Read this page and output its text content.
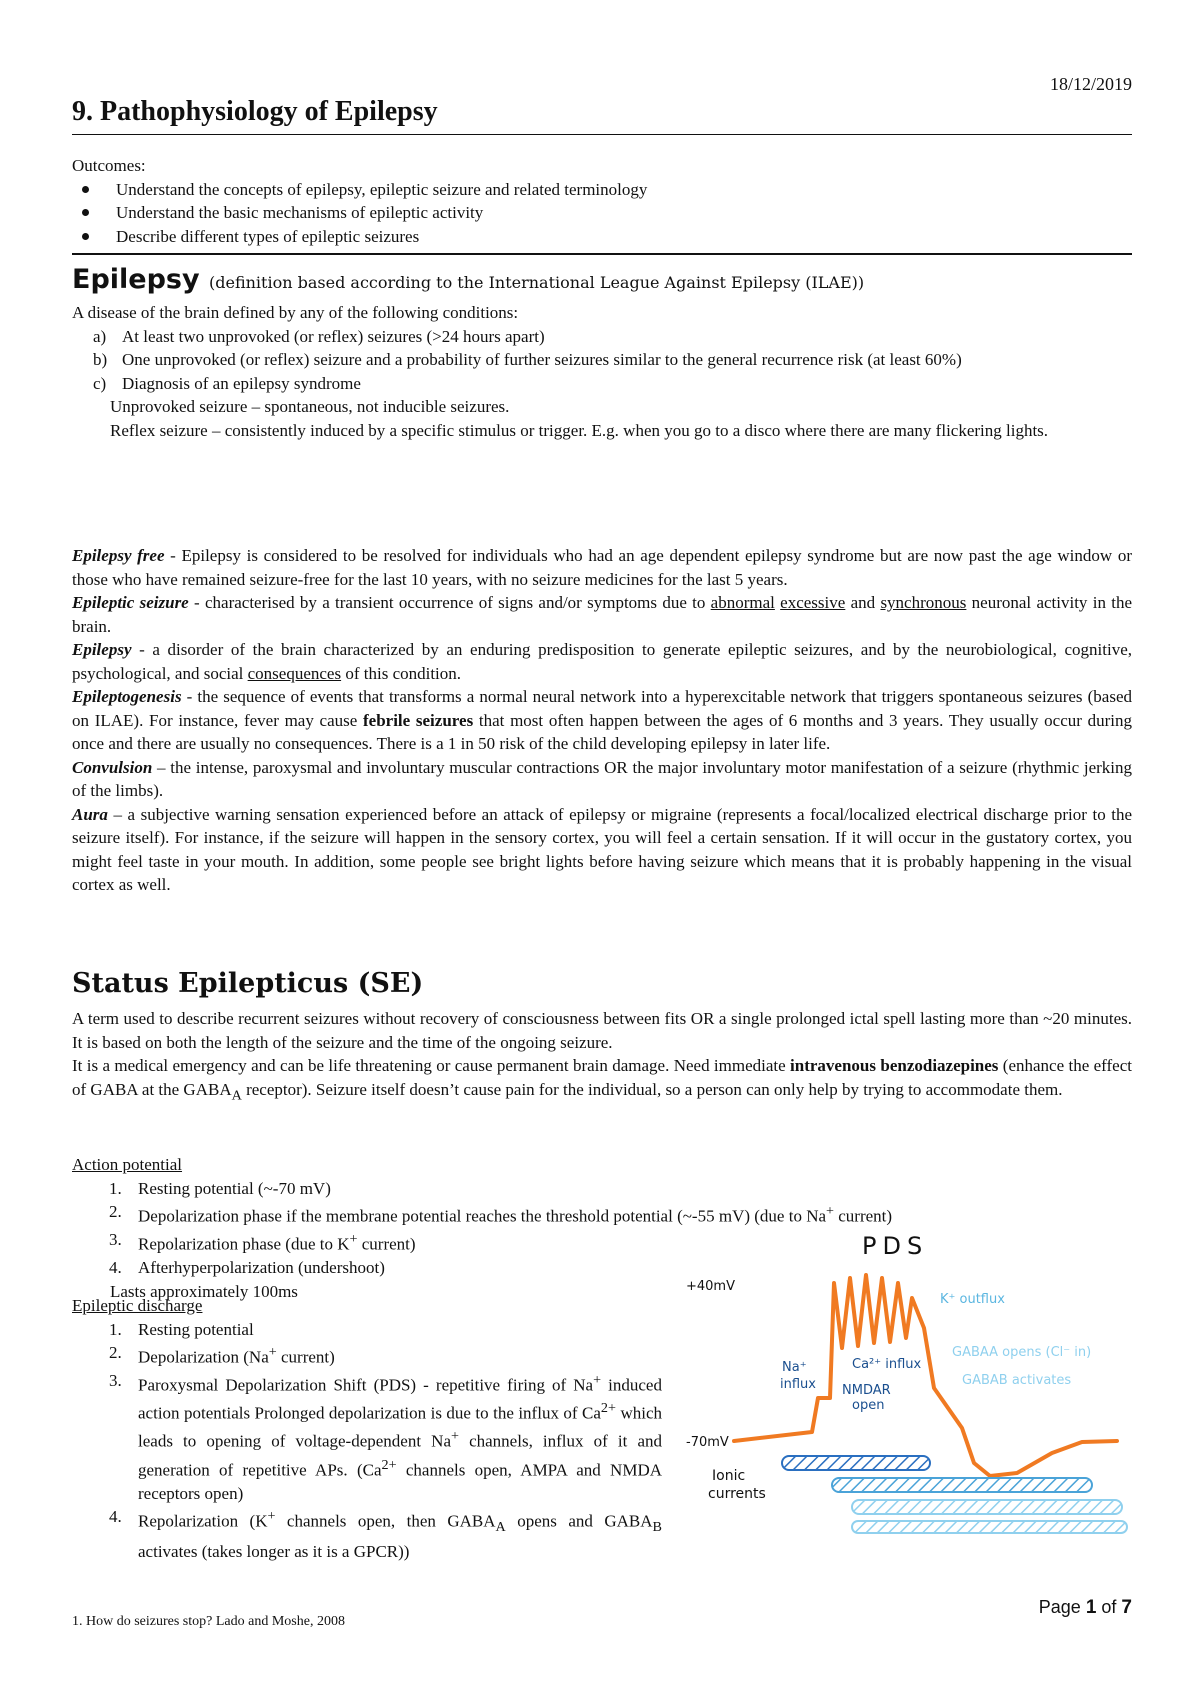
18/12/2019
9. Pathophysiology of Epilepsy
Outcomes:
Understand the concepts of epilepsy, epileptic seizure and related terminology
Understand the basic mechanisms of epileptic activity
Describe different types of epileptic seizures
Epilepsy (definition based according to the International League Against Epilepsy (ILAE))
A disease of the brain defined by any of the following conditions:
a) At least two unprovoked (or reflex) seizures (>24 hours apart)
b) One unprovoked (or reflex) seizure and a probability of further seizures similar to the general recurrence risk (at least 60%)
c) Diagnosis of an epilepsy syndrome
Unprovoked seizure – spontaneous, not inducible seizures.
Reflex seizure – consistently induced by a specific stimulus or trigger. E.g. when you go to a disco where there are many flickering lights.
Epilepsy free - Epilepsy is considered to be resolved for individuals who had an age dependent epilepsy syndrome but are now past the age window or those who have remained seizure-free for the last 10 years, with no seizure medicines for the last 5 years.
Epileptic seizure - characterised by a transient occurrence of signs and/or symptoms due to abnormal excessive and synchronous neuronal activity in the brain.
Epilepsy - a disorder of the brain characterized by an enduring predisposition to generate epileptic seizures, and by the neurobiological, cognitive, psychological, and social consequences of this condition.
Epileptogenesis - the sequence of events that transforms a normal neural network into a hyperexcitable network that triggers spontaneous seizures (based on ILAE). For instance, fever may cause febrile seizures that most often happen between the ages of 6 months and 3 years. They usually occur during once and there are usually no consequences. There is a 1 in 50 risk of the child developing epilepsy in later life.
Convulsion – the intense, paroxysmal and involuntary muscular contractions OR the major involuntary motor manifestation of a seizure (rhythmic jerking of the limbs).
Aura – a subjective warning sensation experienced before an attack of epilepsy or migraine (represents a focal/localized electrical discharge prior to the seizure itself). For instance, if the seizure will happen in the sensory cortex, you will feel a certain sensation. If it will occur in the gustatory cortex, you might feel taste in your mouth. In addition, some people see bright lights before having seizure which means that it is probably happening in the visual cortex as well.
Status Epilepticus (SE)
A term used to describe recurrent seizures without recovery of consciousness between fits OR a single prolonged ictal spell lasting more than ~20 minutes. It is based on both the length of the seizure and the time of the ongoing seizure.
It is a medical emergency and can be life threatening or cause permanent brain damage. Need immediate intravenous benzodiazepines (enhance the effect of GABA at the $GABA_A$ receptor). Seizure itself doesn’t cause pain for the individual, so a person can only help by trying to accommodate them.
Action potential
1. Resting potential (~-70 mV)
2. Depolarization phase if the membrane potential reaches the threshold potential (~-55 mV) (due to Na+ current)
3. Repolarization phase (due to K+ current)
4. Afterhyperpolarization (undershoot)
Lasts approximately 100ms
Epileptic discharge
1. Resting potential
2. Depolarization (Na+ current)
3. Paroxysmal Depolarization Shift (PDS) - repetitive firing of Na+ induced action potentials Prolonged depolarization is due to the influx of $Ca^{2+}$ which leads to opening of voltage-dependent Na+ channels, influx of it and generation of repetitive APs. ($Ca^{2+}$ channels open, AMPA and NMDA receptors open)
4. Repolarization (K+ channels open, then $GABA_A$ opens and $GABA_B$ activates (takes longer as it is a GPCR))
PDS
+40mV
-70mV
K⁺ outflux
Na⁺
influx
Ca²⁺ influx
NMDAR
open
GABAA opens (Cl⁻ in)
GABAB activates
Ionic
currents
1. How do seizures stop? Lado and Moshe, 2008
Page 1 of 7
